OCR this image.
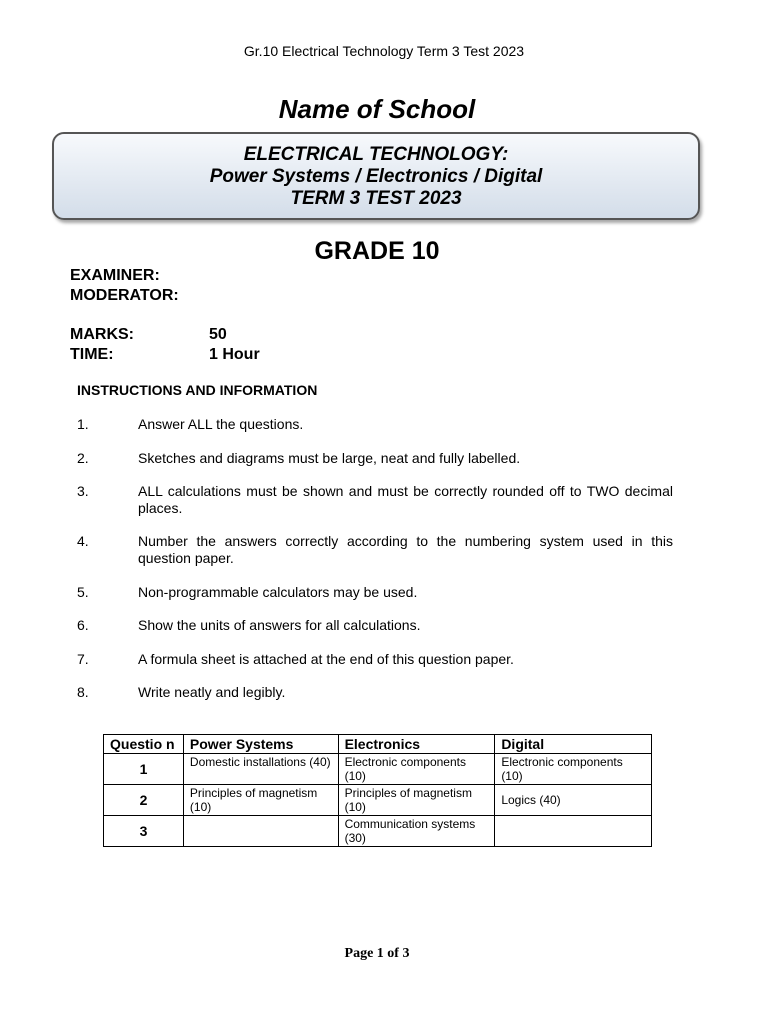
Gr.10 Electrical Technology Term 3 Test 2023
Name of School
ELECTRICAL TECHNOLOGY:
Power Systems / Electronics / Digital
TERM 3 TEST 2023
GRADE 10
EXAMINER:
MODERATOR:
MARKS:	50
TIME:	1 Hour
INSTRUCTIONS AND INFORMATION
1.	Answer ALL the questions.
2.	Sketches and diagrams must be large, neat and fully labelled.
3.	ALL calculations must be shown and must be correctly rounded off to TWO decimal places.
4.	Number the answers correctly according to the numbering system used in this question paper.
5.	Non-programmable calculators may be used.
6.	Show the units of answers for all calculations.
7.	A formula sheet is attached at the end of this question paper.
8.	Write neatly and legibly.
Questio n	Power Systems	Electronics	Digital
1	Domestic installations (40)	Electronic components (10)	Electronic components (10)
2	Principles of magnetism (10)	Principles of magnetism (10)	Logics (40)
3		Communication systems (30)	
Page 1 of 3
